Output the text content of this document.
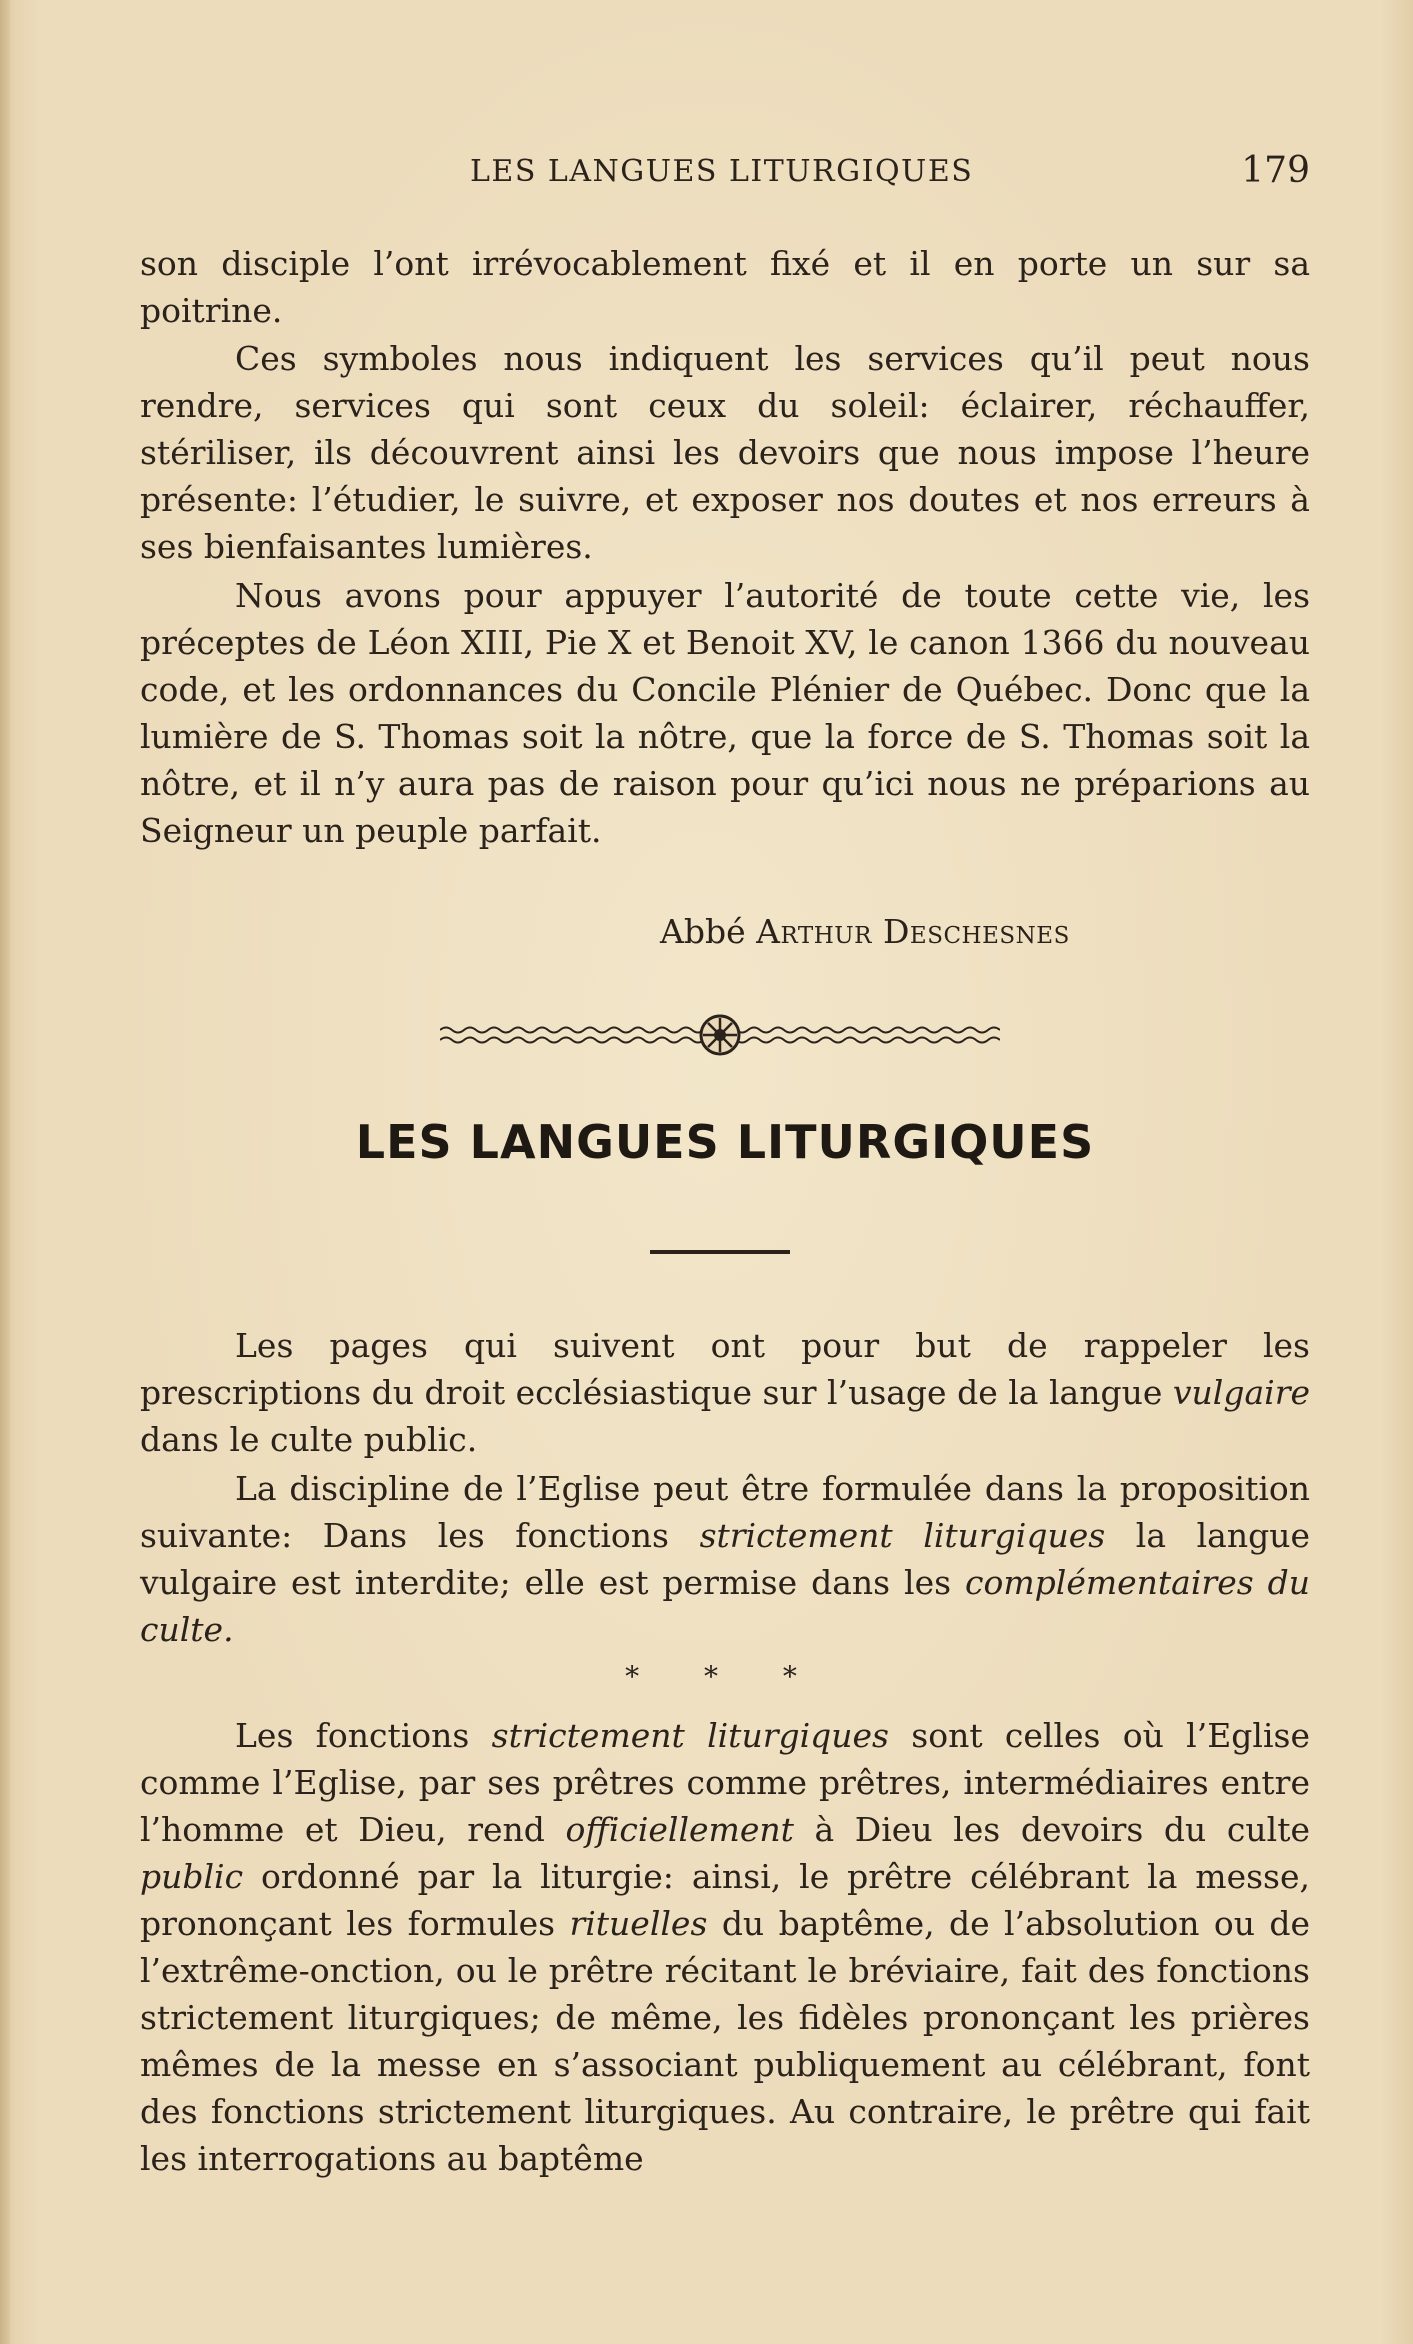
LES LANGUES LITURGIQUES	179
son disciple l’ont irrévocablement fixé et il en porte un sur sa poitrine.
Ces symboles nous indiquent les services qu’il peut nous rendre, services qui sont ceux du soleil: éclairer, réchauffer, stériliser, ils découvrent ainsi les devoirs que nous impose l’heure présente: l’étudier, le suivre, et exposer nos doutes et nos erreurs à ses bienfaisantes lumières.
Nous avons pour appuyer l’autorité de toute cette vie, les préceptes de Léon XIII, Pie X et Benoit XV, le canon 1366 du nouveau code, et les ordonnances du Concile Plénier de Québec. Donc que la lumière de S. Thomas soit la nôtre, que la force de S. Thomas soit la nôtre, et il n’y aura pas de raison pour qu’ici nous ne préparions au Seigneur un peuple parfait.
Abbé Arthur Deschesnes
LES LANGUES LITURGIQUES
Les pages qui suivent ont pour but de rappeler les prescriptions du droit ecclésiastique sur l’usage de la langue vulgaire dans le culte public.
La discipline de l’Eglise peut être formulée dans la proposition suivante: Dans les fonctions strictement liturgiques la langue vulgaire est interdite; elle est permise dans les complémentaires du culte.
* * *
Les fonctions strictement liturgiques sont celles où l’Eglise comme l’Eglise, par ses prêtres comme prêtres, intermédiaires entre l’homme et Dieu, rend officiellement à Dieu les devoirs du culte public ordonné par la liturgie: ainsi, le prêtre célébrant la messe, prononçant les formules rituelles du baptême, de l’absolution ou de l’extrême-onction, ou le prêtre récitant le bréviaire, fait des fonctions strictement liturgiques; de même, les fidèles prononçant les prières mêmes de la messe en s’associant publiquement au célébrant, font des fonctions strictement liturgiques. Au contraire, le prêtre qui fait les interrogations au baptême
